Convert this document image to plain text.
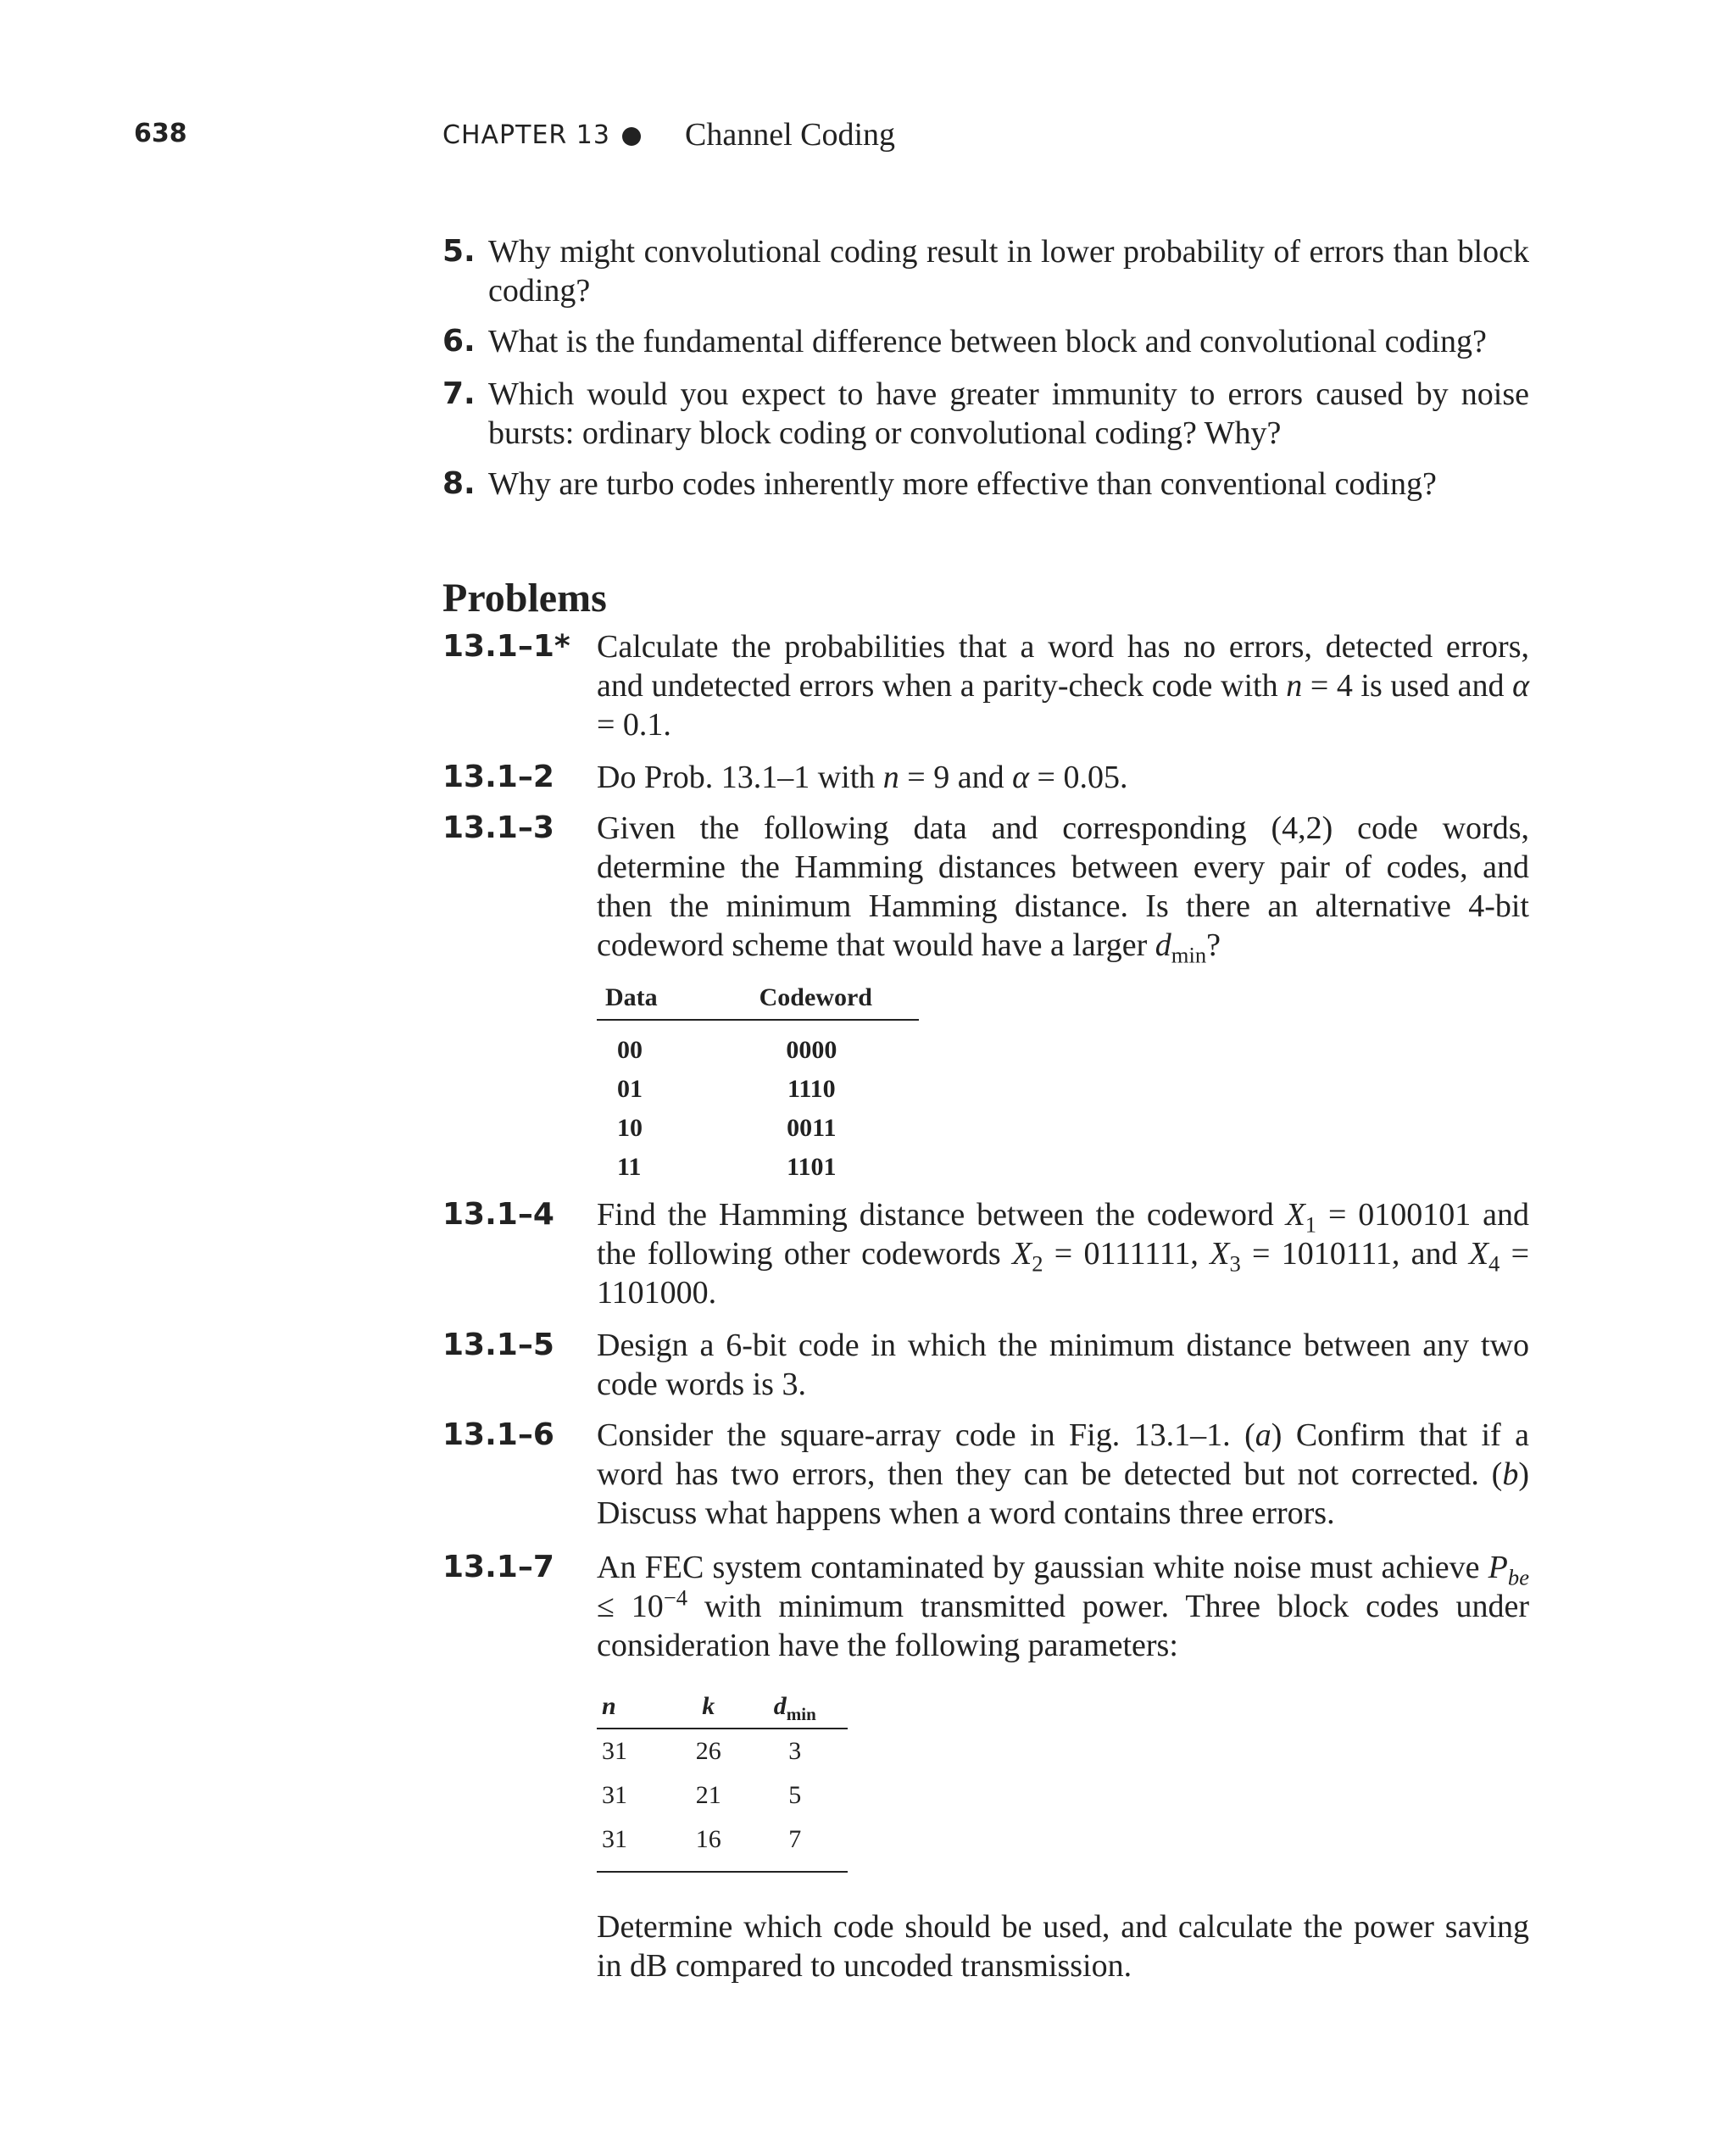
638	CHAPTER 13 Channel Coding
5. Why might convolutional coding result in lower probability of errors than block coding?
6. What is the fundamental difference between block and convolutional coding?
7. Which would you expect to have greater immunity to errors caused by noise bursts: ordinary block coding or convolutional coding? Why?
8. Why are turbo codes inherently more effective than conventional coding?
Problems
13.1–1* Calculate the probabilities that a word has no errors, detected errors, and undetected errors when a parity-check code with n = 4 is used and α = 0.1.
13.1–2 Do Prob. 13.1–1 with n = 9 and α = 0.05.
13.1–3 Given the following data and corresponding (4,2) code words, determine the Hamming distances between every pair of codes, and then the minimum Hamming distance. Is there an alternative 4-bit codeword scheme that would have a larger $d_{min}$?
Data	Codeword
00	0000
01	1110
10	0011
11	1101
13.1–4 Find the Hamming distance between the codeword $X_1 = 0100101$ and the following other codewords $X_2 = 0111111$, $X_3 = 1010111$, and $X_4 = 1101000$.
13.1–5 Design a 6-bit code in which the minimum distance between any two code words is 3.
13.1–6 Consider the square-array code in Fig. 13.1–1. (a) Confirm that if a word has two errors, then they can be detected but not corrected. (b) Discuss what happens when a word contains three errors.
13.1–7 An FEC system contaminated by gaussian white noise must achieve $P_{be} \le 10^{-4}$ with minimum transmitted power. Three block codes under consideration have the following parameters:
n	k	$d_{min}$
31	26	3
31	21	5
31	16	7
Determine which code should be used, and calculate the power saving in dB compared to uncoded transmission.
